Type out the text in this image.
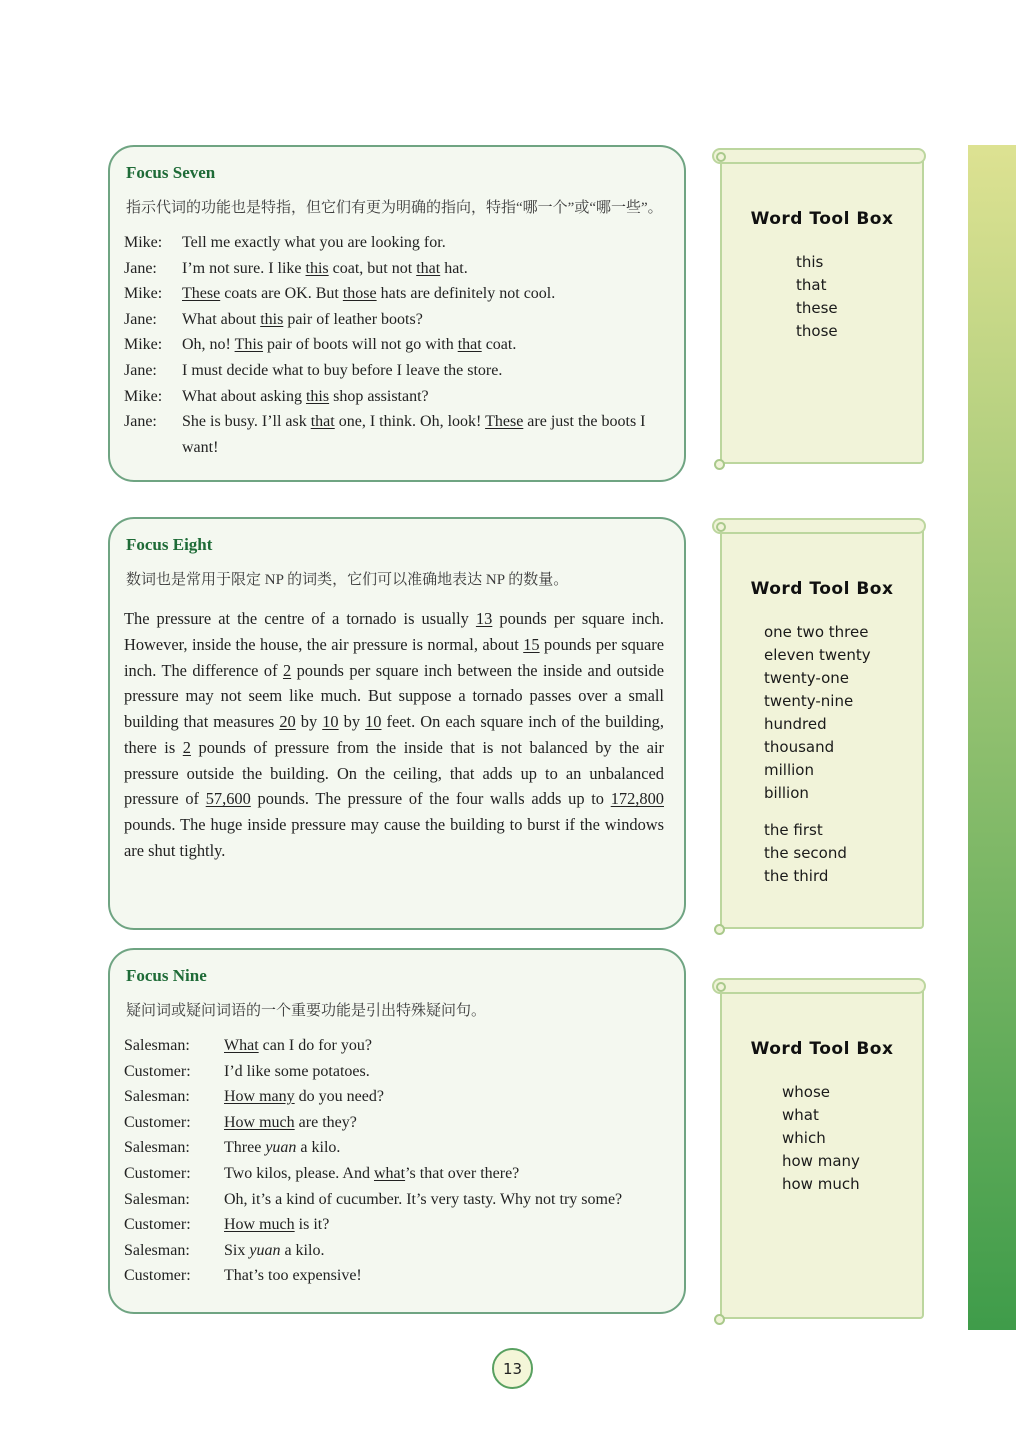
Focus Seven
指示代词的功能也是特指，但它们有更为明确的指向，特指“哪一个”或“哪一些”。
Mike:	Tell me exactly what you are looking for.
Jane:	I’m not sure. I like this coat, but not that hat.
Mike:	These coats are OK. But those hats are definitely not cool.
Jane:	What about this pair of leather boots?
Mike:	Oh, no! This pair of boots will not go with that coat.
Jane:	I must decide what to buy before I leave the store.
Mike:	What about asking this shop assistant?
Jane:	She is busy. I’ll ask that one, I think. Oh, look! These are just the boots I want!
Word Tool Box
this
that
these
those
Focus Eight
数词也是常用于限定 NP 的词类，它们可以准确地表达 NP 的数量。
The pressure at the centre of a tornado is usually 13 pounds per square inch. However, inside the house, the air pressure is normal, about 15 pounds per square inch. The difference of 2 pounds per square inch between the inside and outside pressure may not seem like much. But suppose a tornado passes over a small building that measures 20 by 10 by 10 feet. On each square inch of the building, there is 2 pounds of pressure from the inside that is not balanced by the air pressure outside the building. On the ceiling, that adds up to an unbalanced pressure of 57,600 pounds. The pressure of the four walls adds up to 172,800 pounds. The huge inside pressure may cause the building to burst if the windows are shut tightly.
Word Tool Box
one two three
eleven twenty
twenty-one
twenty-nine
hundred
thousand
million
billion
the first
the second
the third
Focus Nine
疑问词或疑问词语的一个重要功能是引出特殊疑问句。
Salesman:	What can I do for you?
Customer:	I’d like some potatoes.
Salesman:	How many do you need?
Customer:	How much are they?
Salesman:	Three yuan a kilo.
Customer:	Two kilos, please. And what’s that over there?
Salesman:	Oh, it’s a kind of cucumber. It’s very tasty. Why not try some?
Customer:	How much is it?
Salesman:	Six yuan a kilo.
Customer:	That’s too expensive!
Word Tool Box
whose
what
which
how many
how much
13
